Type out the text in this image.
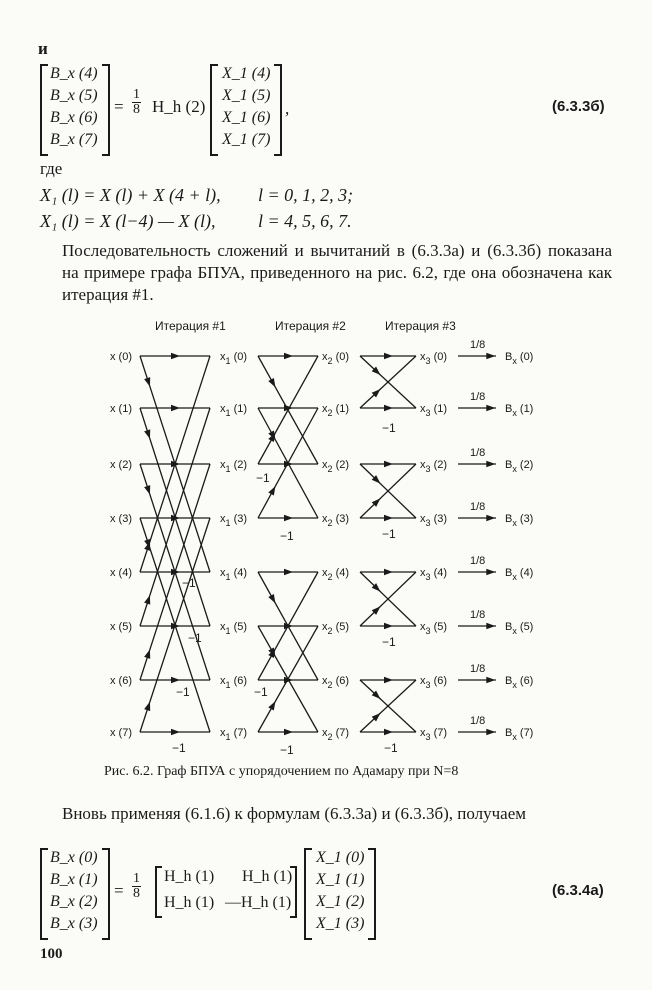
и
B_x (4)
B_x (5)
B_x (6)
B_x (7)
= $\frac{1}{8}$ H_h (2)
X_1 (4)
X_1 (5)
X_1 (6)
X_1 (7)
,	(6.3.3б)
где
X₁ (l) = X (l) + X (4 + l), l = 0, 1, 2, 3;
X₁ (l) = X (l−4) — X (l), l = 4, 5, 6, 7.
Последовательность сложений и вычитаний в (6.3.3а) и (6.3.3б) показана на примере графа БПУА, приведенного на рис. 6.2, где она обозначена как итерация #1.
Итерация #1	Итерация #2	Итерация #3
1/8
1/8
1/8
1/8
1/8
1/8
1/8
1/8
x (0)	$x_1$ (0)	$x_2$ (0)	$x_3$ (0)	$B_x$ (0)
x (1)	$x_1$ (1)	$x_2$ (1)	$x_3$ (1)	$B_x$ (1)
x (2)	$x_1$ (2)	$x_2$ (2)	$x_3$ (2)	$B_x$ (2)
x (3)	$x_1$ (3)	$x_2$ (3)	$x_3$ (3)	$B_x$ (3)
x (4)	$x_1$ (4)	$x_2$ (4)	$x_3$ (4)	$B_x$ (4)
x (5)	$x_1$ (5)	$x_2$ (5)	$x_3$ (5)	$B_x$ (5)
x (6)	$x_1$ (6)	$x_2$ (6)	$x_3$ (6)	$B_x$ (6)
x (7)	$x_1$ (7)	$x_2$ (7)	$x_3$ (7)	$B_x$ (7)
−1
−1
−1
−1
−1
−1
−1
−1
−1
−1
−1
−1
Рис. 6.2. Граф БПУА с упорядочением по Адамару при N=8
Вновь применяя (6.1.6) к формулам (6.3.3а) и (6.3.3б), получаем
B_x (0)
B_x (1)
B_x (2)
B_x (3)
= $\frac{1}{8}$ H_h (1) H_h (1)
H_h (1) —H_h (1)
X_1 (0)
X_1 (1)
X_1 (2)
X_1 (3)
(6.3.4а)
100
